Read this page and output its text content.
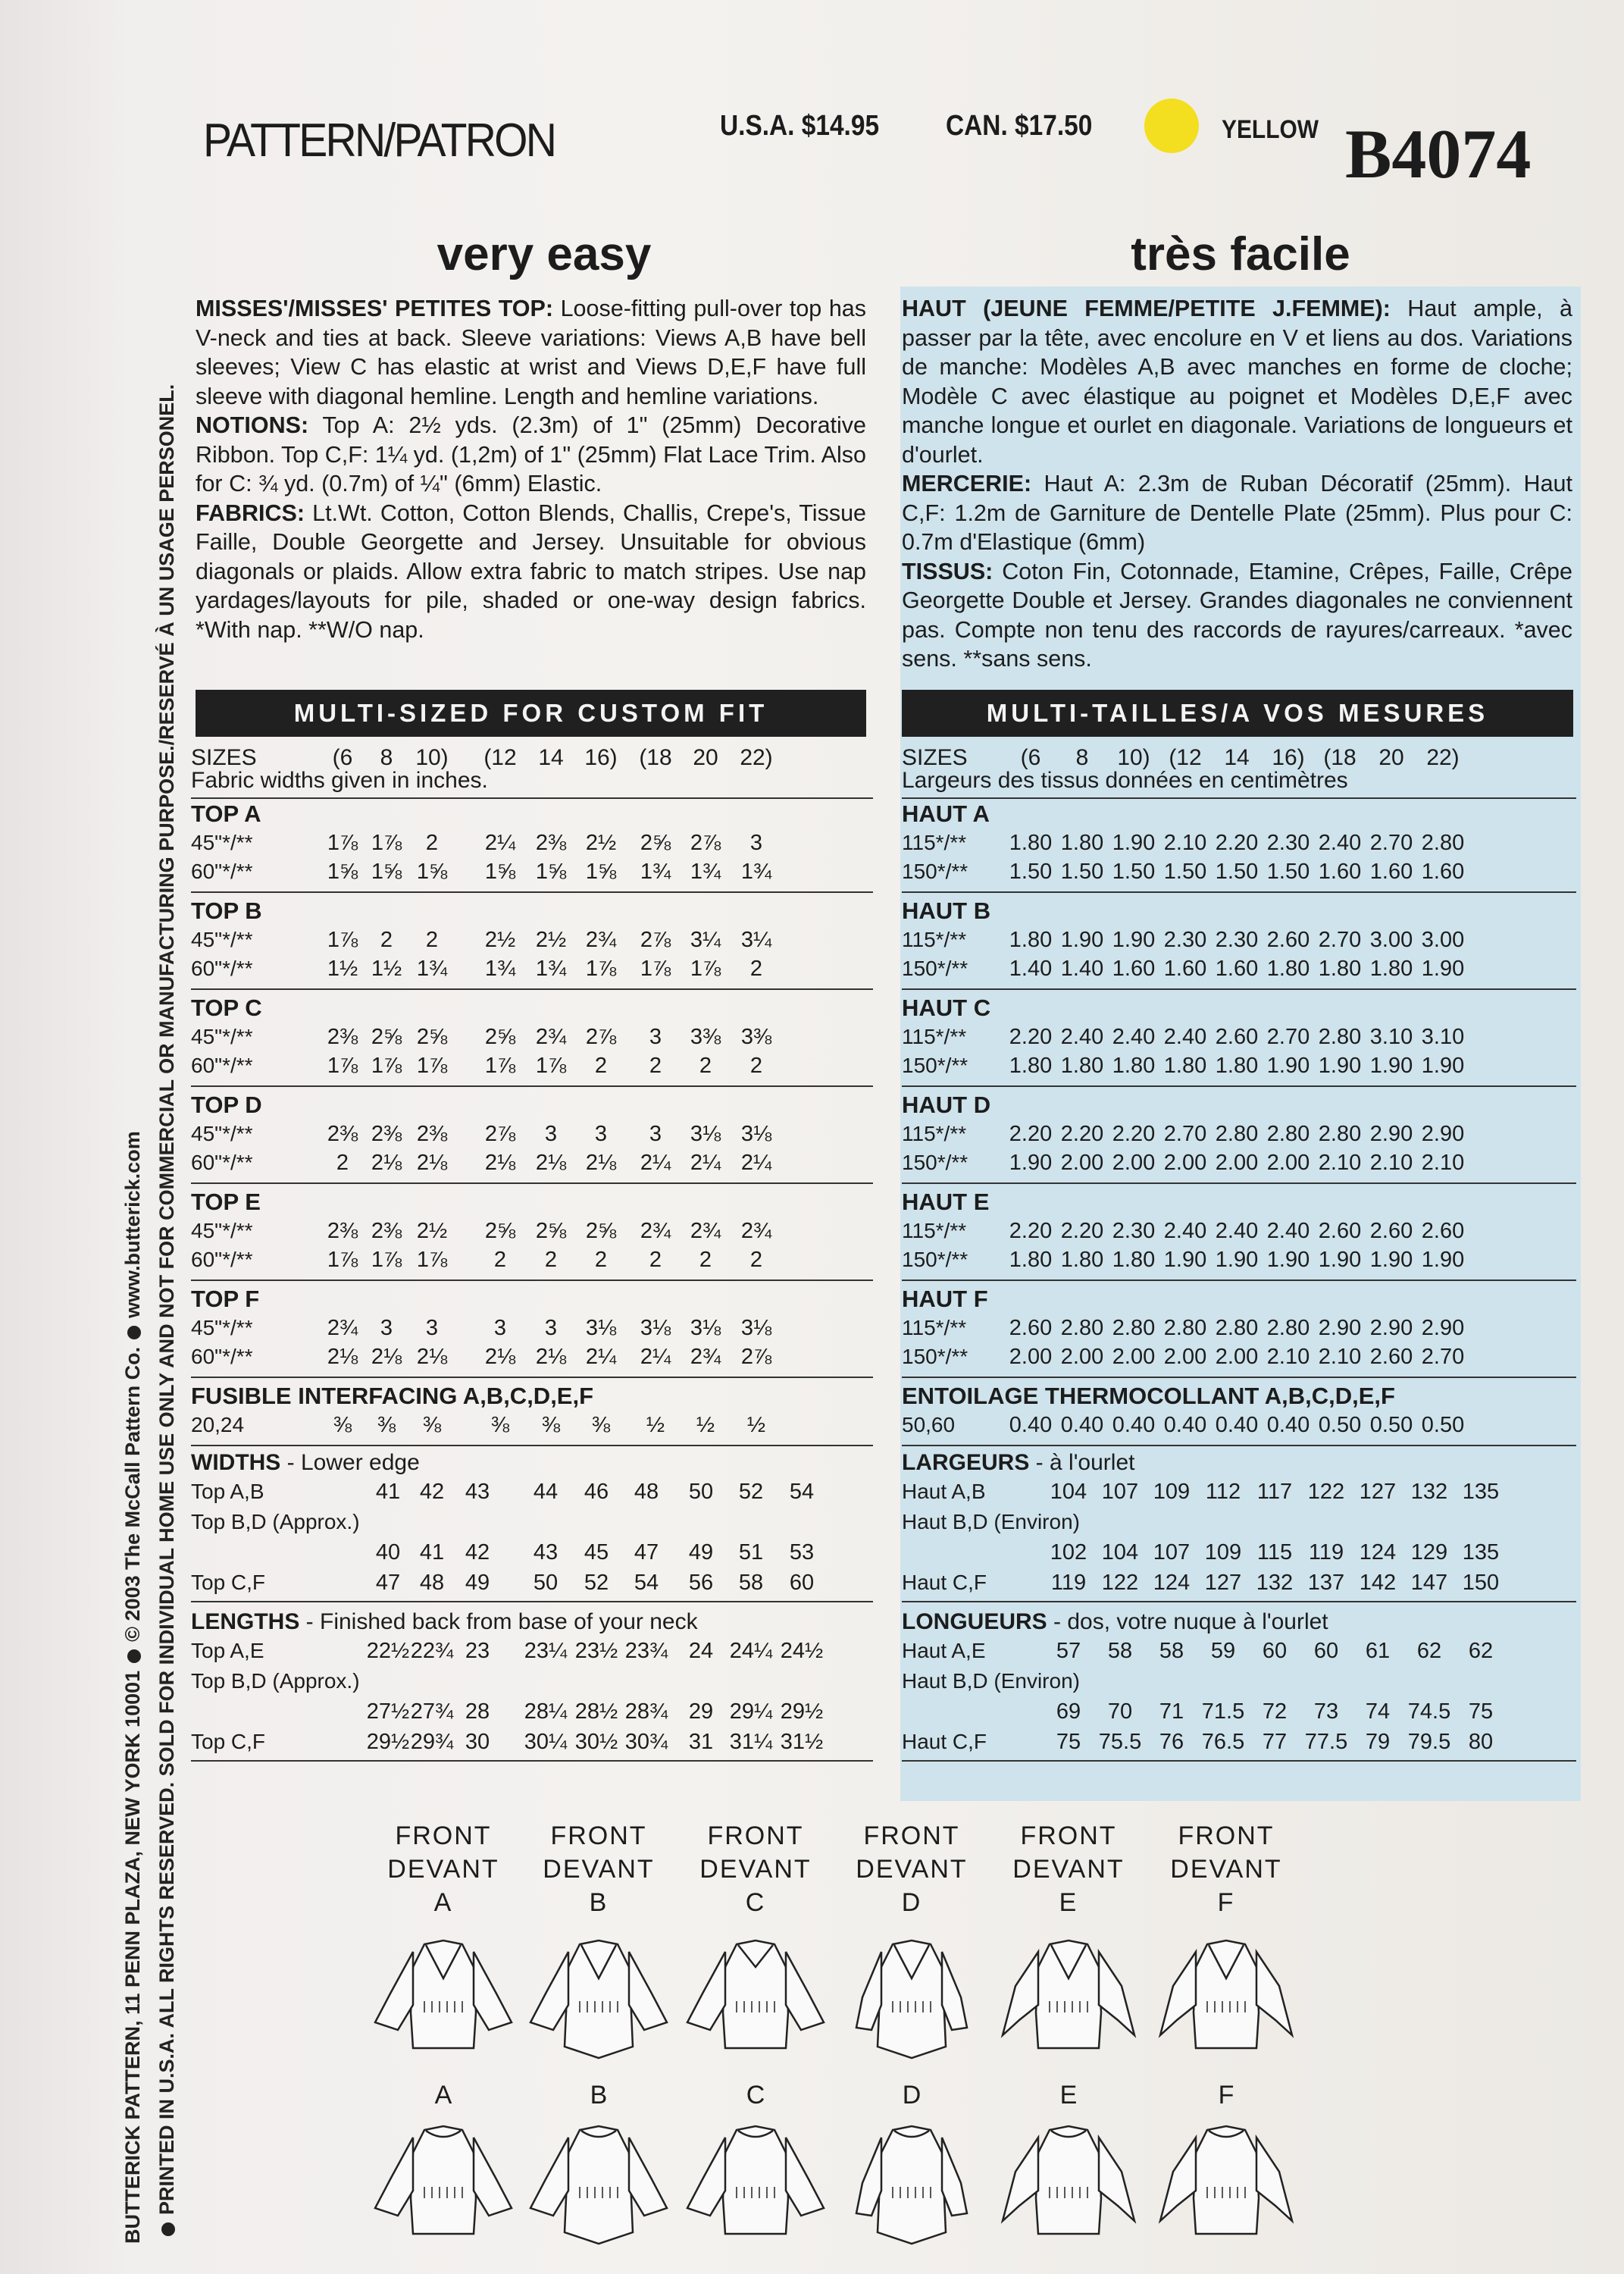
BUTTERICK PATTERN, 11 PENN PLAZA, NEW YORK 10001© 2003 The McCall Pattern Co.www.butterick.com PRINTED IN U.S.A. ALL RIGHTS RESERVED. SOLD FOR INDIVIDUAL HOME USE ONLY AND NOT FOR COMMERCIAL OR MANUFACTURING PURPOSE./RESERVÉ À UN USAGE PERSONEL.
PATTERN/PATRON	U.S.A. $14.95 CAN. $17.50	YELLOW B4074
very easy
MISSES'/MISSES' PETITES TOP: Loose-fitting pull-over top has V-neck and ties at back. Sleeve variations: Views A,B have bell sleeves; View C has elastic at wrist and Views D,E,F have full sleeve with diagonal hemline. Length and hemline variations.
NOTIONS: Top A: 2½ yds. (2.3m) of 1" (25mm) Decorative Ribbon. Top C,F: 1¼ yd. (1,2m) of 1" (25mm) Flat Lace Trim. Also for C: ¾ yd. (0.7m) of ¼" (6mm) Elastic.
FABRICS: Lt.Wt. Cotton, Cotton Blends, Challis, Crepe's, Tissue Faille, Double Georgette and Jersey. Unsuitable for obvious diagonals or plaids. Allow extra fabric to match stripes. Use nap yardages/layouts for pile, shaded or one-way design fabrics. *With nap. **W/O nap.
MULTI-SIZED FOR CUSTOM FIT
SIZES	(6	8 10) (12 14 16) (18 20 22)
Fabric widths given in inches.
TOP A
45"*/**	1⅞ 1⅞	2	2¼ 2⅜ 2½	2⅝ 2⅞	3
60"*/**	1⅝ 1⅝ 1⅝	1⅝ 1⅝ 1⅝	1¾ 1¾ 1¾
TOP B
45"*/**	1⅞	2	2	2½ 2½ 2¾	2⅞ 3¼ 3¼
60"*/**	1½ 1½ 1¾	1¾ 1¾ 1⅞	1⅞ 1⅞	2
TOP C
45"*/**	2⅜ 2⅝ 2⅝	2⅝ 2¾ 2⅞	3	3⅜ 3⅜
60"*/**	1⅞ 1⅞ 1⅞	1⅞ 1⅞	2	2	2	2
TOP D
45"*/**	2⅜ 2⅜ 2⅜	2⅞	3	3	3	3⅛ 3⅛
60"*/**	2	2⅛ 2⅛	2⅛ 2⅛ 2⅛	2¼ 2¼ 2¼
TOP E
45"*/**	2⅜ 2⅜ 2½	2⅝ 2⅝ 2⅝	2¾ 2¾ 2¾
60"*/**	1⅞ 1⅞ 1⅞	2	2	2	2	2	2
TOP F
45"*/**	2¾	3	3	3	3	3⅛	3⅛ 3⅛ 3⅛
60"*/**	2⅛ 2⅛ 2⅛	2⅛ 2⅛ 2¼	2¼ 2¾ 2⅞
FUSIBLE INTERFACING A,B,C,D,E,F
20,24	⅜	⅜	⅜	⅜	⅜	⅜	½	½	½
WIDTHS - Lower edge
Top A,B	41 42 43	44	46	48	50	52	54
Top B,D (Approx.)
40 41 42	43	45	47	49	51	53
Top C,F	47 48 49	50	52	54	56	58	60
LENGTHS - Finished back from base of your neck
Top A,E	22½ 22¾ 23	23¼ 23½ 23¾ 24 24¼ 24½
Top B,D (Approx.)
27½ 27¾ 28	28¼ 28½ 28¾ 29 29¼ 29½
Top C,F	29½ 29¾ 30	30¼ 30½ 30¾ 31 31¼ 31½
très facile
HAUT (JEUNE FEMME/PETITE J.FEMME): Haut ample, à passer par la tête, avec encolure en V et liens au dos. Variations de manche: Modèles A,B avec manches en forme de cloche; Modèle C avec élastique au poignet et Modèles D,E,F avec manche longue et ourlet en diagonale. Variations de longueurs et d'ourlet.
MERCERIE: Haut A: 2.3m de Ruban Décoratif (25mm). Haut C,F: 1.2m de Garniture de Dentelle Plate (25mm). Plus pour C: 0.7m d'Elastique (6mm)
TISSUS: Coton Fin, Cotonnade, Etamine, Crêpes, Faille, Crêpe Georgette Double et Jersey. Grandes diagonales ne conviennent pas. Compte non tenu des raccords de rayures/carreaux. *avec sens. **sans sens.
MULTI-TAILLES/A VOS MESURES
SIZES	(6	8	10) (12 14 16) (18 20 22)
Largeurs des tissus données en centimètres
HAUT A
115*/** 1.80 1.80 1.90 2.10 2.20 2.30 2.40 2.70 2.80
150*/** 1.50 1.50 1.50 1.50 1.50 1.50 1.60 1.60 1.60
HAUT B
115*/** 1.80 1.90 1.90 2.30 2.30 2.60 2.70 3.00 3.00
150*/** 1.40 1.40 1.60 1.60 1.60 1.80 1.80 1.80 1.90
HAUT C
115*/** 2.20 2.40 2.40 2.40 2.60 2.70 2.80 3.10 3.10
150*/** 1.80 1.80 1.80 1.80 1.80 1.90 1.90 1.90 1.90
HAUT D
115*/** 2.20 2.20 2.20 2.70 2.80 2.80 2.80 2.90 2.90
150*/** 1.90 2.00 2.00 2.00 2.00 2.00 2.10 2.10 2.10
HAUT E
115*/** 2.20 2.20 2.30 2.40 2.40 2.40 2.60 2.60 2.60
150*/** 1.80 1.80 1.80 1.90 1.90 1.90 1.90 1.90 1.90
HAUT F
115*/** 2.60 2.80 2.80 2.80 2.80 2.80 2.90 2.90 2.90
150*/** 2.00 2.00 2.00 2.00 2.00 2.10 2.10 2.60 2.70
ENTOILAGE THERMOCOLLANT A,B,C,D,E,F
50,60 0.40 0.40 0.40 0.40 0.40 0.40 0.50 0.50 0.50
LARGEURS - à l'ourlet
Haut A,B	104 107 109 112 117 122 127 132 135
Haut B,D (Environ)
102 104 107 109 115 119 124 129 135
Haut C,F	119 122 124 127 132 137 142 147 150
LONGUEURS - dos, votre nuque à l'ourlet
Haut A,E	57	58	58	59	60	60	61	62	62
Haut B,D (Environ)
69	70	71 71.5 72	73	74 74.5 75
Haut C,F	75 75.5 76 76.5 77 77.5 79 79.5 80
FRONT
DEVANT
A
A
FRONT
DEVANT
B
B
FRONT
DEVANT
C
C
FRONT
DEVANT
D
D
FRONT
DEVANT
E
E
FRONT
DEVANT
F
F
